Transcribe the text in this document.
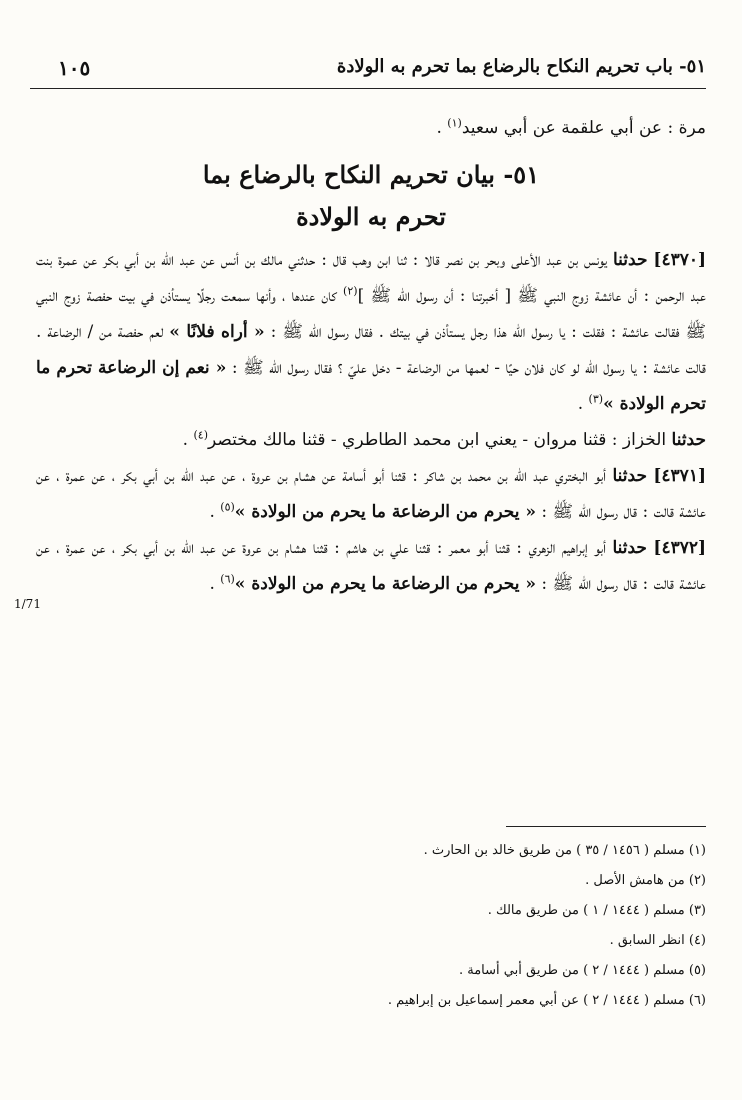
٥١- باب تحريم النكاح بالرضاع بما تحرم به الولادة
١٠٥
1/71

مرة : عن أبي علقمة عن أبي سعيد$^{(١)}$ .

٥١- بيان تحريم النكاح بالرضاع بما
تحرم به الولادة

[٤٣٧٠] حدثنا يونس بن عبد الأعلى وبحر بن نصر قالا : ثنا ابن وهب قال : حدثني مالك بن أنس عن عبد الله بن أبي بكر عن عمرة بنت عبد الرحمن : أن عائشة زوج النبي ﷺ [ أخبرتنا : أن رسول الله ﷺ ]$^{(٢)}$ كان عندها ، وأنها سمعت رجلًا يستأذن في بيت حفصة زوج النبي ﷺ فقالت عائشة : فقلت : يا رسول الله هذا رجل يستأذن في بيتك . فقال رسول الله ﷺ : « أراه فلانًا » لعم حفصة من / الرضاعة . قالت عائشة : يا رسول الله لو كان فلان حيًا - لعمها من الرضاعة - دخل عليّ ؟ فقال رسول الله ﷺ : « نعم إن الرضاعة تحرم ما تحرم الولادة »$^{(٣)}$ .

حدثنا الخزاز : قثنا مروان - يعني ابن محمد الطاطري - قثنا مالك مختصر$^{(٤)}$ .

[٤٣٧١] حدثنا أبو البختري عبد الله بن محمد بن شاكر : قثنا أبو أسامة عن هشام بن عروة ، عن عبد الله بن أبي بكر ، عن عمرة ، عن عائشة قالت : قال رسول الله ﷺ : « يحرم من الرضاعة ما يحرم من الولادة »$^{(٥)}$ .

[٤٣٧٢] حدثنا أبو إبراهيم الزهري : قثنا أبو معمر : قثنا علي بن هاشم : قثنا هشام بن عروة عن عبد الله بن أبي بكر ، عن عمرة ، عن عائشة قالت : قال رسول الله ﷺ : « يحرم من الرضاعة ما يحرم من الولادة »$^{(٦)}$ .

(١) مسلم ( ١٤٥٦ / ٣٥ ) من طريق خالد بن الحارث .

(٢) من هامش الأصل .

(٣) مسلم ( ١٤٤٤ / ١ ) من طريق مالك .

(٤) انظر السابق .

(٥) مسلم ( ١٤٤٤ / ٢ ) من طريق أبي أسامة .

(٦) مسلم ( ١٤٤٤ / ٢ ) عن أبي معمر إسماعيل بن إبراهيم .
